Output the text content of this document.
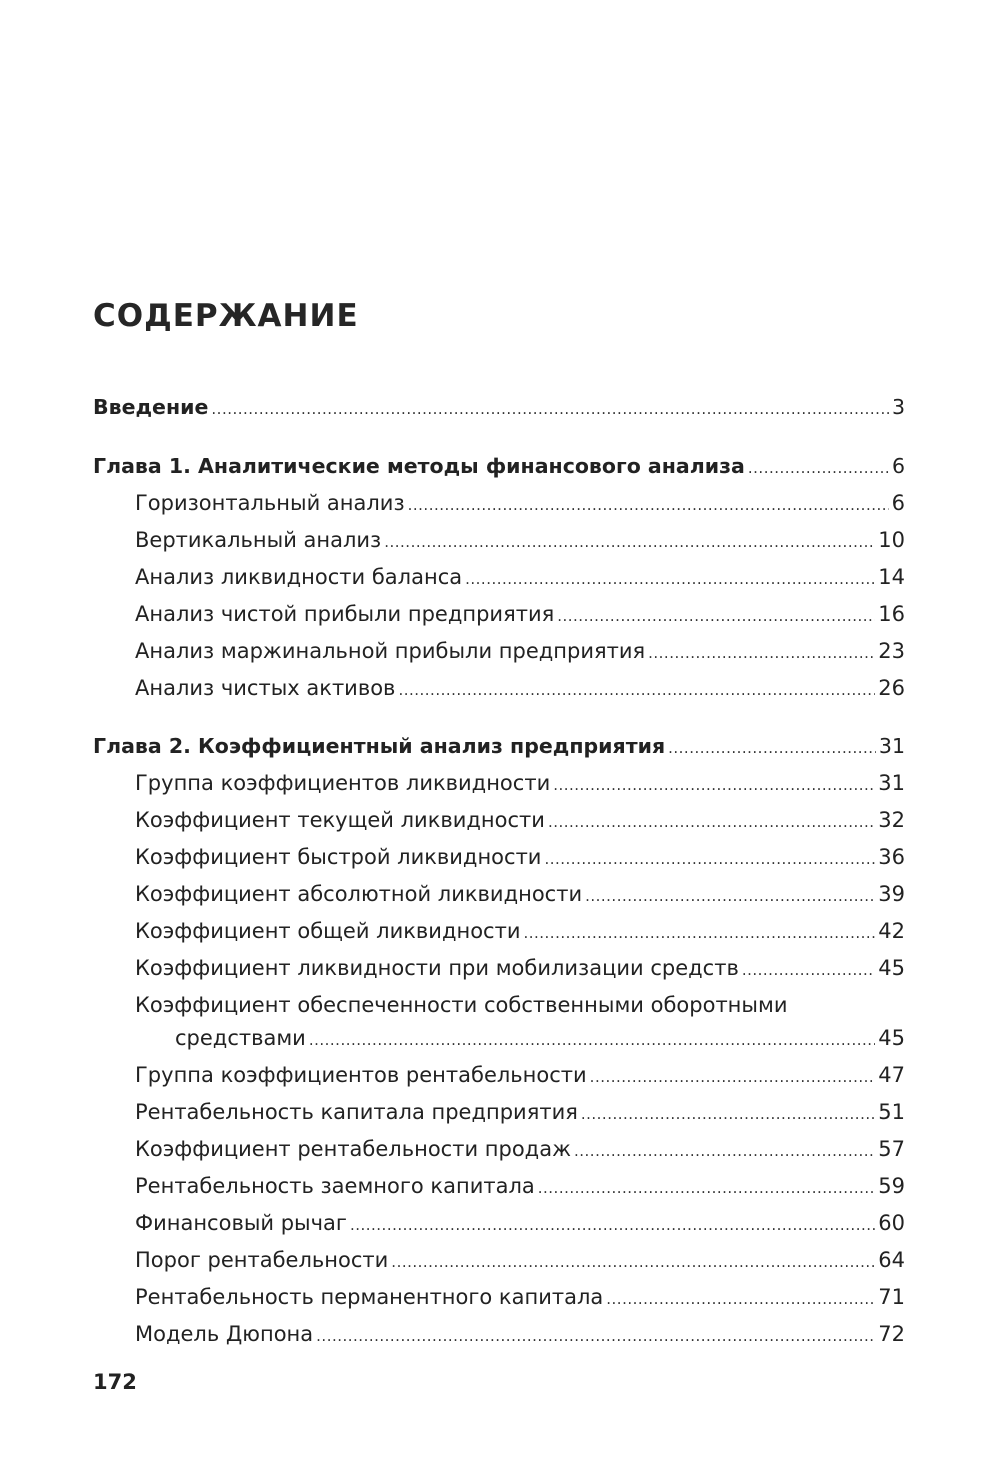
СОДЕРЖАНИЕ
Введение .....	3
Глава 1. Аналитические методы финансового анализа .....	6
Горизонтальный анализ .....	6
Вертикальный анализ .....	10
Анализ ликвидности баланса .....	14
Анализ чистой прибыли предприятия .....	16
Анализ маржинальной прибыли предприятия .....	23
Анализ чистых активов .....	26
Глава 2. Коэффициентный анализ предприятия .....	31
Группа коэффициентов ликвидности .....	31
Коэффициент текущей ликвидности .....	32
Коэффициент быстрой ликвидности .....	36
Коэффициент абсолютной ликвидности .....	39
Коэффициент общей ликвидности .....	42
Коэффициент ликвидности при мобилизации средств .....	45
Коэффициент обеспеченности собственными оборотными
средствами .....	45
Группа коэффициентов рентабельности .....	47
Рентабельность капитала предприятия .....	51
Коэффициент рентабельности продаж .....	57
Рентабельность заемного капитала .....	59
Финансовый рычаг .....	60
Порог рентабельности .....	64
Рентабельность перманентного капитала .....	71
Модель Дюпона .....	72
172
